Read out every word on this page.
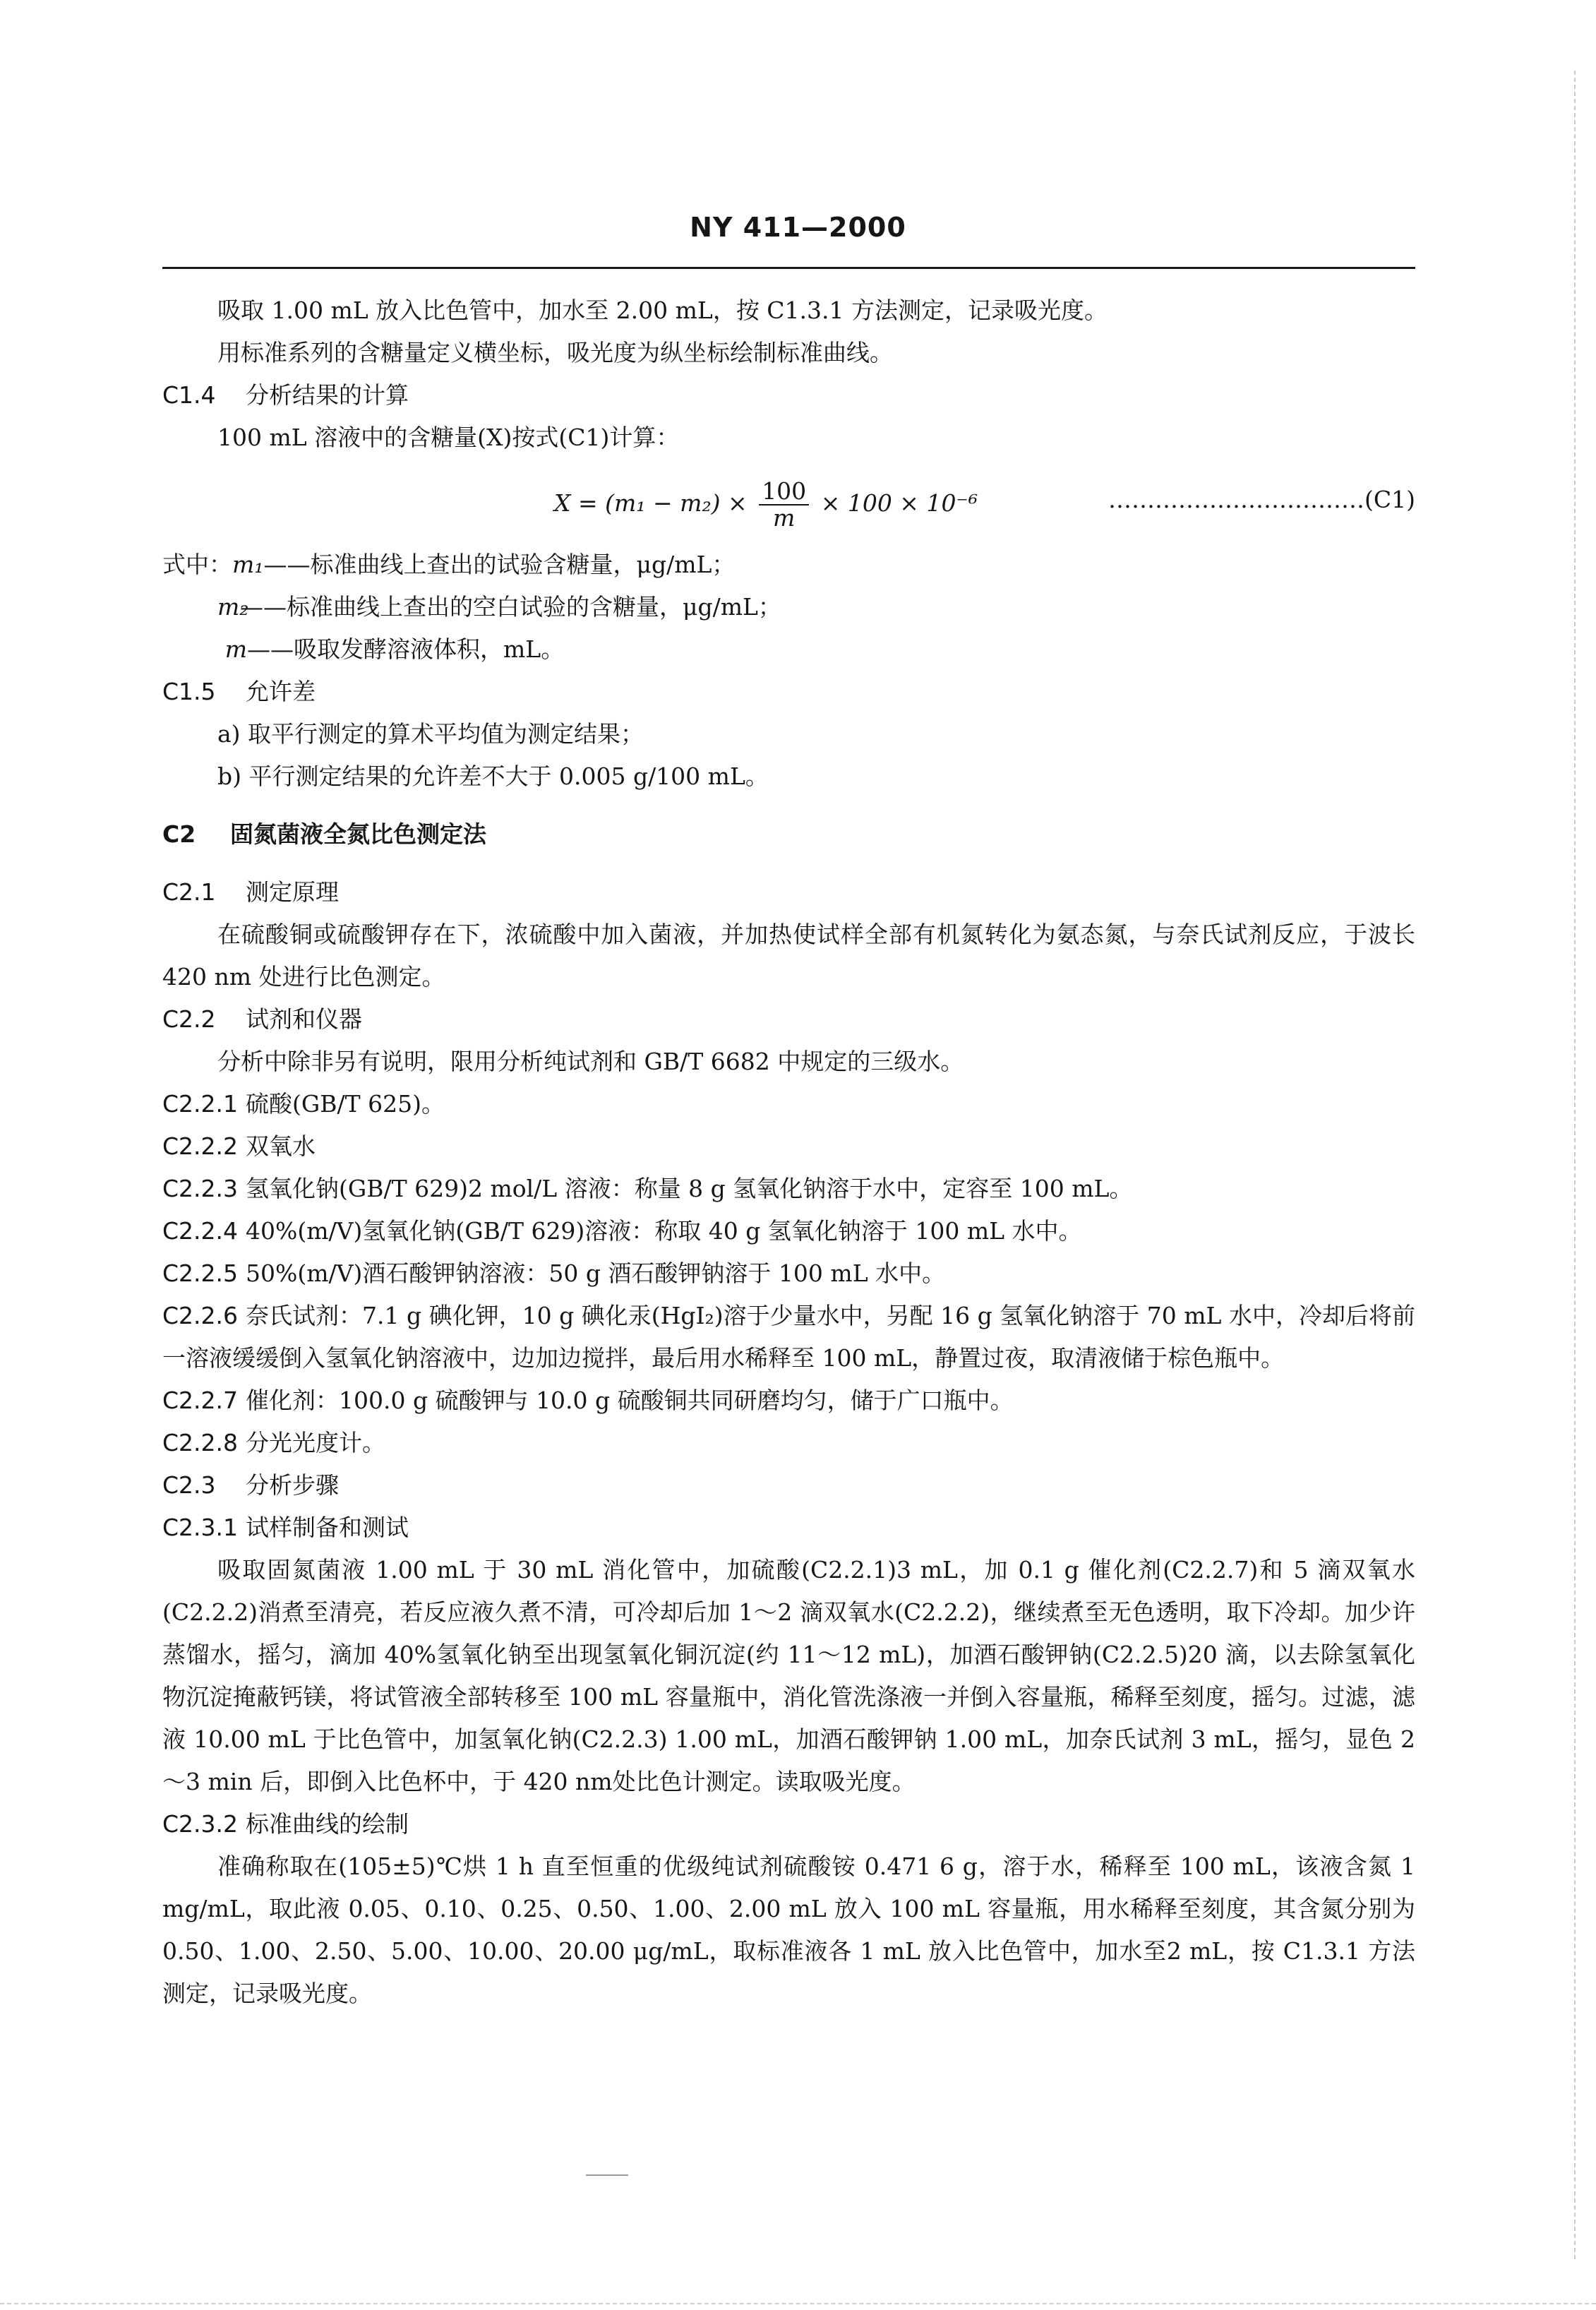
NY 411—2000
吸取 1.00 mL 放入比色管中，加水至 2.00 mL，按 C1.3.1 方法测定，记录吸光度。
用标准系列的含糖量定义横坐标，吸光度为纵坐标绘制标准曲线。
C1.4 分析结果的计算
100 mL 溶液中的含糖量(X)按式(C1)计算：
$X = (m_1 - m_2) \times \frac{100}{m} \times 100 \times 10^{-6}$	……………………………(C1)
式中：m₁——标准曲线上查出的试验含糖量，μg/mL；
m₂——标准曲线上查出的空白试验的含糖量，μg/mL；
m——吸取发酵溶液体积，mL。
C1.5 允许差
a) 取平行测定的算术平均值为测定结果；
b) 平行测定结果的允许差不大于 0.005 g/100 mL。
C2 固氮菌液全氮比色测定法
C2.1 测定原理
在硫酸铜或硫酸钾存在下，浓硫酸中加入菌液，并加热使试样全部有机氮转化为氨态氮，与奈氏试剂反应，于波长 420 nm 处进行比色测定。
C2.2 试剂和仪器
分析中除非另有说明，限用分析纯试剂和 GB/T 6682 中规定的三级水。
C2.2.1 硫酸(GB/T 625)。
C2.2.2 双氧水
C2.2.3 氢氧化钠(GB/T 629)2 mol/L 溶液：称量 8 g 氢氧化钠溶于水中，定容至 100 mL。
C2.2.4 40%(m/V)氢氧化钠(GB/T 629)溶液：称取 40 g 氢氧化钠溶于 100 mL 水中。
C2.2.5 50%(m/V)酒石酸钾钠溶液：50 g 酒石酸钾钠溶于 100 mL 水中。
C2.2.6 奈氏试剂：7.1 g 碘化钾，10 g 碘化汞(HgI₂)溶于少量水中，另配 16 g 氢氧化钠溶于 70 mL 水中，冷却后将前一溶液缓缓倒入氢氧化钠溶液中，边加边搅拌，最后用水稀释至 100 mL，静置过夜，取清液储于棕色瓶中。
C2.2.7 催化剂：100.0 g 硫酸钾与 10.0 g 硫酸铜共同研磨均匀，储于广口瓶中。
C2.2.8 分光光度计。
C2.3 分析步骤
C2.3.1 试样制备和测试
吸取固氮菌液 1.00 mL 于 30 mL 消化管中，加硫酸(C2.2.1)3 mL，加 0.1 g 催化剂(C2.2.7)和 5 滴双氧水(C2.2.2)消煮至清亮，若反应液久煮不清，可冷却后加 1～2 滴双氧水(C2.2.2)，继续煮至无色透明，取下冷却。加少许蒸馏水，摇匀，滴加 40%氢氧化钠至出现氢氧化铜沉淀(约 11～12 mL)，加酒石酸钾钠(C2.2.5)20 滴，以去除氢氧化物沉淀掩蔽钙镁，将试管液全部转移至 100 mL 容量瓶中，消化管洗涤液一并倒入容量瓶，稀释至刻度，摇匀。过滤，滤液 10.00 mL 于比色管中，加氢氧化钠(C2.2.3) 1.00 mL，加酒石酸钾钠 1.00 mL，加奈氏试剂 3 mL，摇匀，显色 2～3 min 后，即倒入比色杯中，于 420 nm处比色计测定。读取吸光度。
C2.3.2 标准曲线的绘制
准确称取在(105±5)℃烘 1 h 直至恒重的优级纯试剂硫酸铵 0.471 6 g，溶于水，稀释至 100 mL，该液含氮 1 mg/mL，取此液 0.05、0.10、0.25、0.50、1.00、2.00 mL 放入 100 mL 容量瓶，用水稀释至刻度，其含氮分别为 0.50、1.00、2.50、5.00、10.00、20.00 μg/mL，取标准液各 1 mL 放入比色管中，加水至2 mL，按 C1.3.1 方法测定，记录吸光度。
